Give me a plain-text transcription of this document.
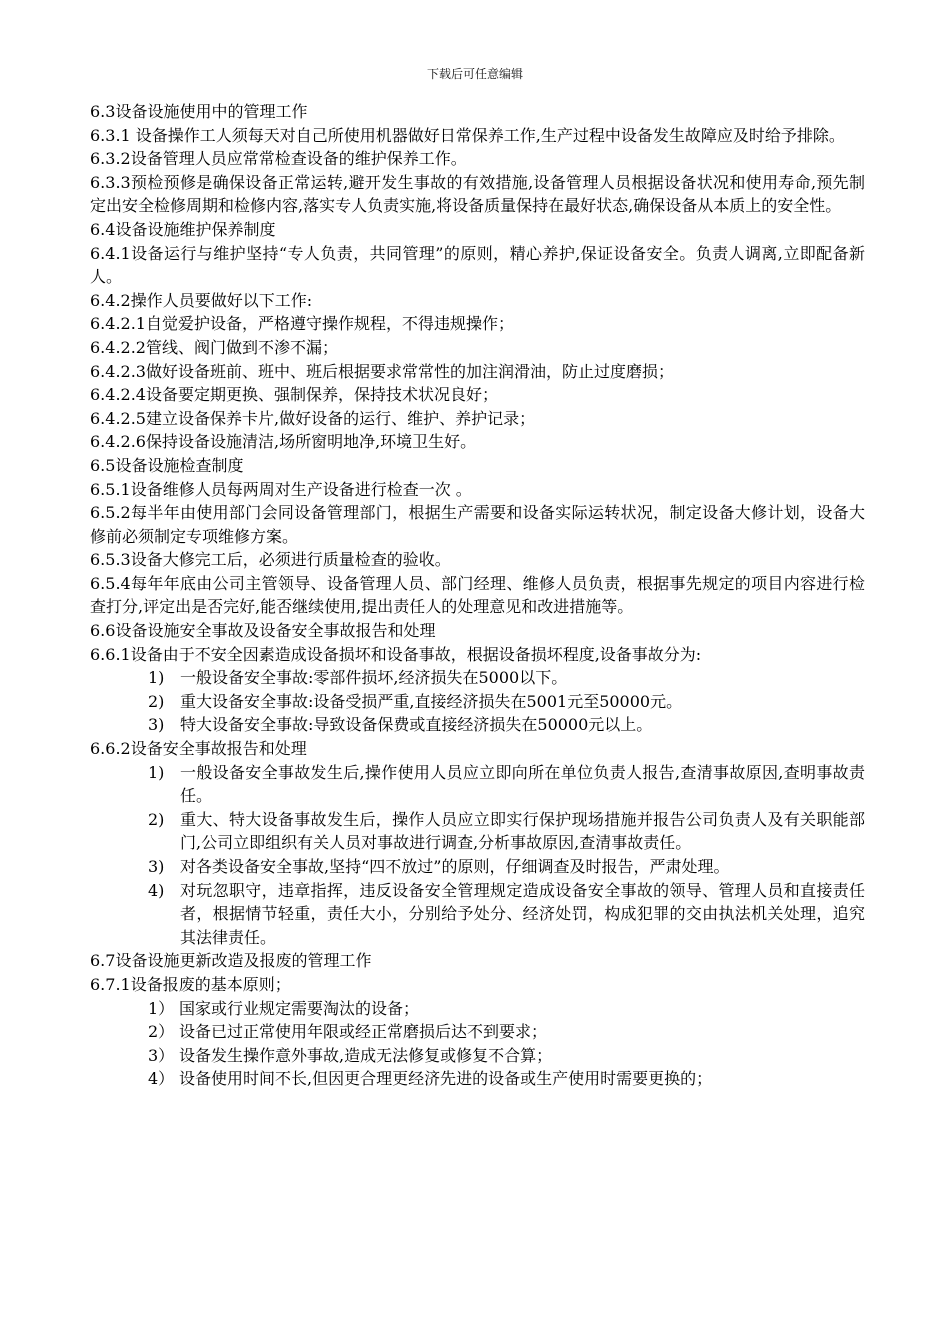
下载后可任意编辑

6.3设备设施使用中的管理工作

6.3.1 设备操作工人须每天对自己所使用机器做好日常保养工作,生产过程中设备发生故障应及时给予排除。

6.3.2设备管理人员应常常检查设备的维护保养工作。

6.3.3预检预修是确保设备正常运转,避开发生事故的有效措施,设备管理人员根据设备状况和使用寿命,预先制定出安全检修周期和检修内容,落实专人负责实施,将设备质量保持在最好状态,确保设备从本质上的安全性。

6.4设备设施维护保养制度

6.4.1设备运行与维护坚持“专人负责，共同管理”的原则，精心养护,保证设备安全。负责人调离,立即配备新人。

6.4.2操作人员要做好以下工作:

6.4.2.1自觉爱护设备，严格遵守操作规程，不得违规操作；

6.4.2.2管线、阀门做到不渗不漏；

6.4.2.3做好设备班前、班中、班后根据要求常常性的加注润滑油，防止过度磨损；

6.4.2.4设备要定期更换、强制保养，保持技术状况良好；

6.4.2.5建立设备保养卡片,做好设备的运行、维护、养护记录；

6.4.2.6保持设备设施清洁,场所窗明地净,环境卫生好。

6.5设备设施检查制度

6.5.1设备维修人员每两周对生产设备进行检查一次 。

6.5.2每半年由使用部门会同设备管理部门，根据生产需要和设备实际运转状况，制定设备大修计划，设备大修前必须制定专项维修方案。

6.5.3设备大修完工后，必须进行质量检查的验收。

6.5.4每年年底由公司主管领导、设备管理人员、部门经理、维修人员负责，根据事先规定的项目内容进行检查打分,评定出是否完好,能否继续使用,提出责任人的处理意见和改进措施等。

6.6设备设施安全事故及设备安全事故报告和处理

6.6.1设备由于不安全因素造成设备损坏和设备事故，根据设备损坏程度,设备事故分为:

1) 一般设备安全事故:零部件损坏,经济损失在5000以下。
2) 重大设备安全事故:设备受损严重,直接经济损失在5001元至50000元。
3) 特大设备安全事故:导致设备保费或直接经济损失在50000元以上。

6.6.2设备安全事故报告和处理

1) 一般设备安全事故发生后,操作使用人员应立即向所在单位负责人报告,查清事故原因,查明事故责任。
2) 重大、特大设备事故发生后，操作人员应立即实行保护现场措施并报告公司负责人及有关职能部门,公司立即组织有关人员对事故进行调查,分析事故原因,查清事故责任。
3) 对各类设备安全事故,坚持“四不放过”的原则，仔细调查及时报告，严肃处理。
4) 对玩忽职守，违章指挥，违反设备安全管理规定造成设备安全事故的领导、管理人员和直接责任者，根据情节轻重，责任大小，分别给予处分、经济处罚，构成犯罪的交由执法机关处理，追究其法律责任。

6.7设备设施更新改造及报废的管理工作

6.7.1设备报废的基本原则；

1） 国家或行业规定需要淘汰的设备；
2） 设备已过正常使用年限或经正常磨损后达不到要求；
3） 设备发生操作意外事故,造成无法修复或修复不合算；
4） 设备使用时间不长,但因更合理更经济先进的设备或生产使用时需要更换的；
